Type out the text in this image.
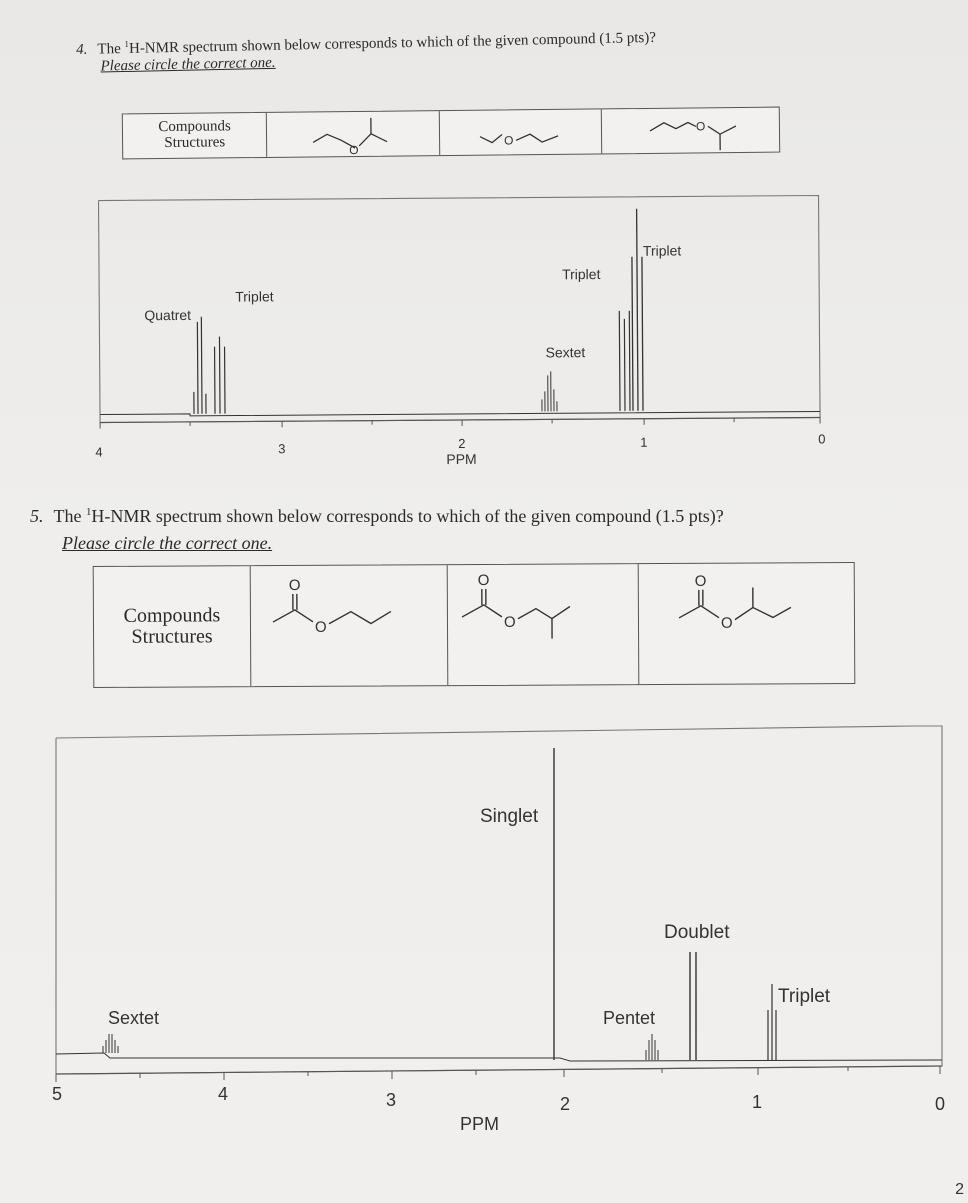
4. The $^1$H-NMR spectrum shown below corresponds to which of the given compound (1.5 pts)?
Please circle the correct one.
Compounds
Structures	O
O
O
Quatret
Triplet
Triplet
Sextet
Triplet
4	3	2	1	0
PPM
5. The $^1$H-NMR spectrum shown below corresponds to which of the given compound (1.5 pts)?
Please circle the correct one.
Compounds
Structures
O
O
O
O
O
O
Singlet
Doublet
Triplet
Sextet	Pentet
5	4	3	2	1	0
PPM
2
